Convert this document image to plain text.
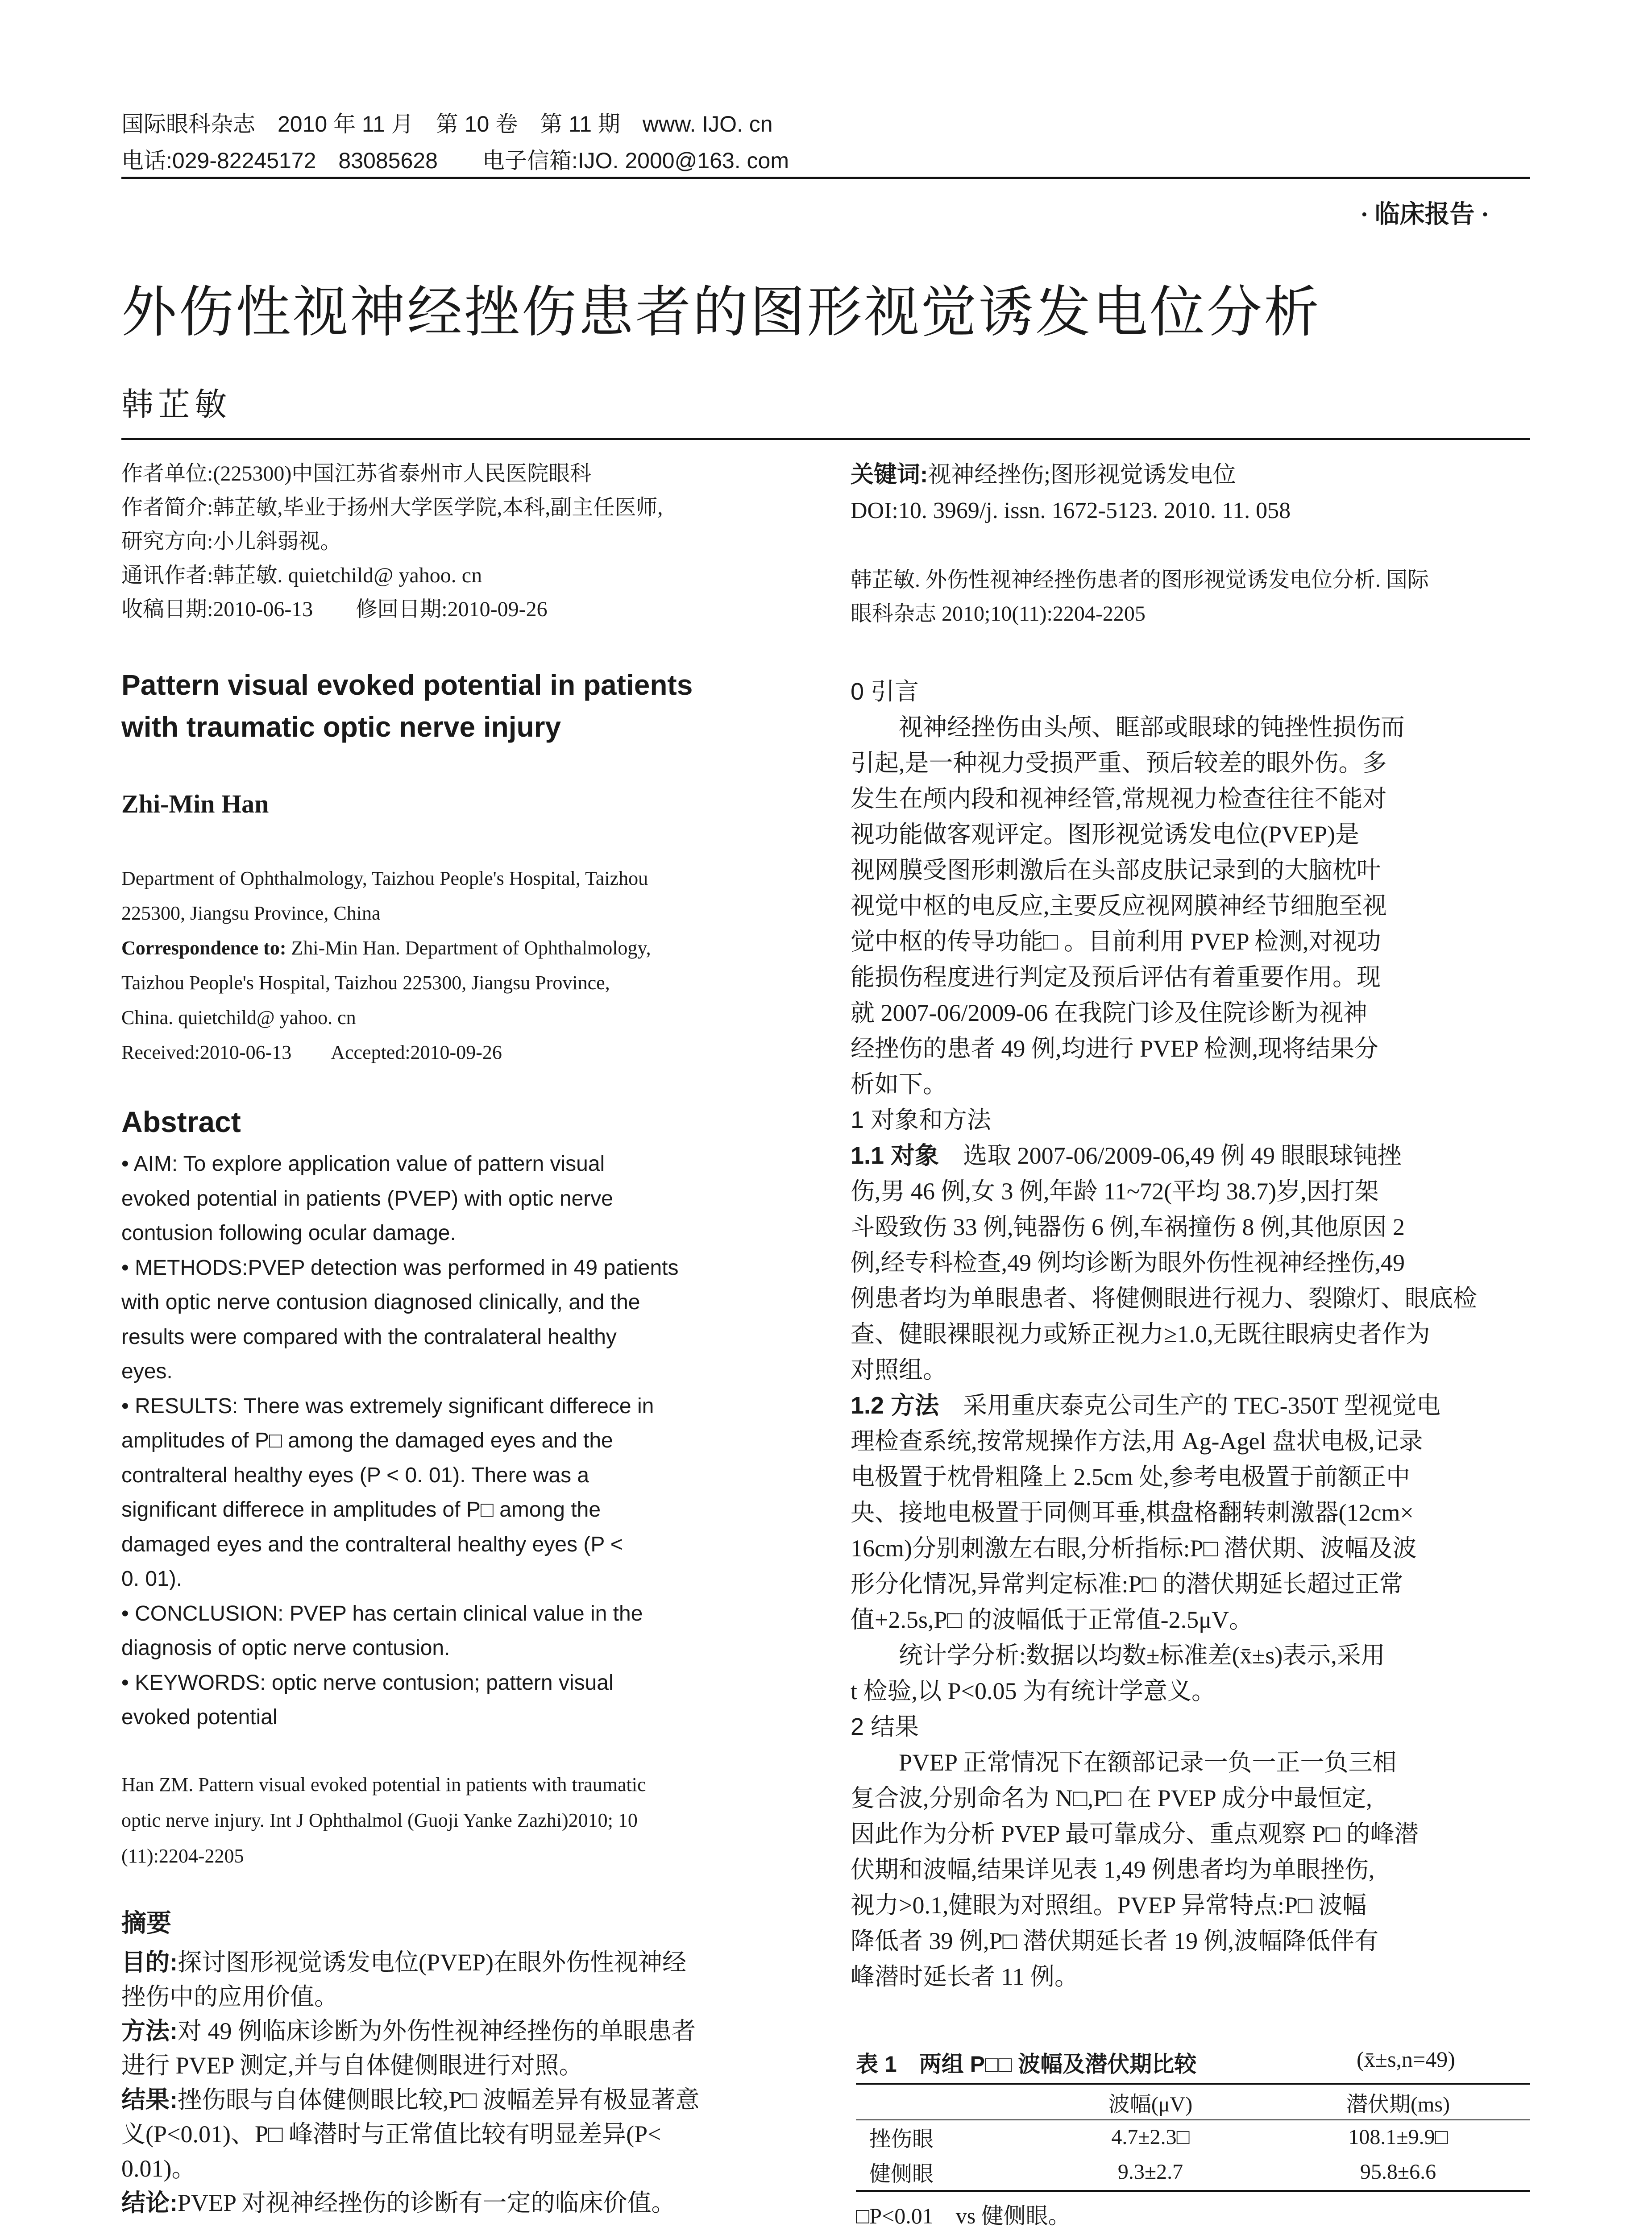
国际眼科杂志　2010 年 11 月　第 10 卷　第 11 期　www. IJO. cn
电话:029-82245172　83085628　　电子信箱:IJO. 2000@163. com
· 临床报告 ·
外伤性视神经挫伤患者的图形视觉诱发电位分析
韩芷敏
作者单位:(225300)中国江苏省泰州市人民医院眼科
作者简介:韩芷敏,毕业于扬州大学医学院,本科,副主任医师,
研究方向:小儿斜弱视。
通讯作者:韩芷敏. quietchild@ yahoo. cn
收稿日期:2010-06-13　　修回日期:2010-09-26
关键词:视神经挫伤;图形视觉诱发电位
DOI:10. 3969/j. issn. 1672-5123. 2010. 11. 058
韩芷敏. 外伤性视神经挫伤患者的图形视觉诱发电位分析. 国际
眼科杂志 2010;10(11):2204-2205
Pattern visual evoked potential in patients
with traumatic optic nerve injury
Zhi-Min Han
Department of Ophthalmology, Taizhou People's Hospital, Taizhou
225300, Jiangsu Province, China
Correspondence to: Zhi-Min Han. Department of Ophthalmology,
Taizhou People's Hospital, Taizhou 225300, Jiangsu Province,
China. quietchild@ yahoo. cn
Received:2010-06-13　　Accepted:2010-09-26
Abstract
• AIM: To explore application value of pattern visual
evoked potential in patients (PVEP) with optic nerve
contusion following ocular damage.
• METHODS:PVEP detection was performed in 49 patients
with optic nerve contusion diagnosed clinically, and the
results were compared with the contralateral healthy
eyes.
• RESULTS: There was extremely significant differece in
amplitudes of P□ among the damaged eyes and the
contralteral healthy eyes (P < 0. 01). There was a
significant differece in amplitudes of P□ among the
damaged eyes and the contralteral healthy eyes (P <
0. 01).
• CONCLUSION: PVEP has certain clinical value in the
diagnosis of optic nerve contusion.
• KEYWORDS: optic nerve contusion; pattern visual
evoked potential
Han ZM. Pattern visual evoked potential in patients with traumatic
optic nerve injury. Int J Ophthalmol (Guoji Yanke Zazhi)2010; 10
(11):2204-2205
摘要
目的:探讨图形视觉诱发电位(PVEP)在眼外伤性视神经
挫伤中的应用价值。
方法:对 49 例临床诊断为外伤性视神经挫伤的单眼患者
进行 PVEP 测定,并与自体健侧眼进行对照。
结果:挫伤眼与自体健侧眼比较,P□ 波幅差异有极显著意
义(P<0.01)、P□ 峰潜时与正常值比较有明显差异(P<
0.01)。
结论:PVEP 对视神经挫伤的诊断有一定的临床价值。
0 引言
　　视神经挫伤由头颅、眶部或眼球的钝挫性损伤而
引起,是一种视力受损严重、预后较差的眼外伤。多
发生在颅内段和视神经管,常规视力检查往往不能对
视功能做客观评定。图形视觉诱发电位(PVEP)是
视网膜受图形刺激后在头部皮肤记录到的大脑枕叶
视觉中枢的电反应,主要反应视网膜神经节细胞至视
觉中枢的传导功能□ 。目前利用 PVEP 检测,对视功
能损伤程度进行判定及预后评估有着重要作用。现
就 2007-06/2009-06 在我院门诊及住院诊断为视神
经挫伤的患者 49 例,均进行 PVEP 检测,现将结果分
析如下。
1 对象和方法
1.1 对象　选取 2007-06/2009-06,49 例 49 眼眼球钝挫
伤,男 46 例,女 3 例,年龄 11~72(平均 38.7)岁,因打架
斗殴致伤 33 例,钝器伤 6 例,车祸撞伤 8 例,其他原因 2
例,经专科检查,49 例均诊断为眼外伤性视神经挫伤,49
例患者均为单眼患者、将健侧眼进行视力、裂隙灯、眼底检
查、健眼裸眼视力或矫正视力≥1.0,无既往眼病史者作为
对照组。
1.2 方法　采用重庆泰克公司生产的 TEC-350T 型视觉电
理检查系统,按常规操作方法,用 Ag-Agel 盘状电极,记录
电极置于枕骨粗隆上 2.5cm 处,参考电极置于前额正中
央、接地电极置于同侧耳垂,棋盘格翻转刺激器(12cm×
16cm)分别刺激左右眼,分析指标:P□ 潜伏期、波幅及波
形分化情况,异常判定标准:P□ 的潜伏期延长超过正常
值+2.5s,P□ 的波幅低于正常值-2.5μV。
　　统计学分析:数据以均数±标准差(x̄±s)表示,采用
t 检验,以 P<0.05 为有统计学意义。
2 结果
　　PVEP 正常情况下在额部记录一负一正一负三相
复合波,分别命名为 N□,P□ 在 PVEP 成分中最恒定,
因此作为分析 PVEP 最可靠成分、重点观察 P□ 的峰潜
伏期和波幅,结果详见表 1,49 例患者均为单眼挫伤,
视力>0.1,健眼为对照组。PVEP 异常特点:P□ 波幅
降低者 39 例,P□ 潜伏期延长者 19 例,波幅降低伴有
峰潜时延长者 11 例。
表 1　两组 P□□ 波幅及潜伏期比较	(x̄±s,n=49)
	波幅(μV)	潜伏期(ms)
挫伤眼	4.7±2.3□	108.1±9.9□
健侧眼	9.3±2.7	95.8±6.6
□P<0.01　vs 健侧眼。
